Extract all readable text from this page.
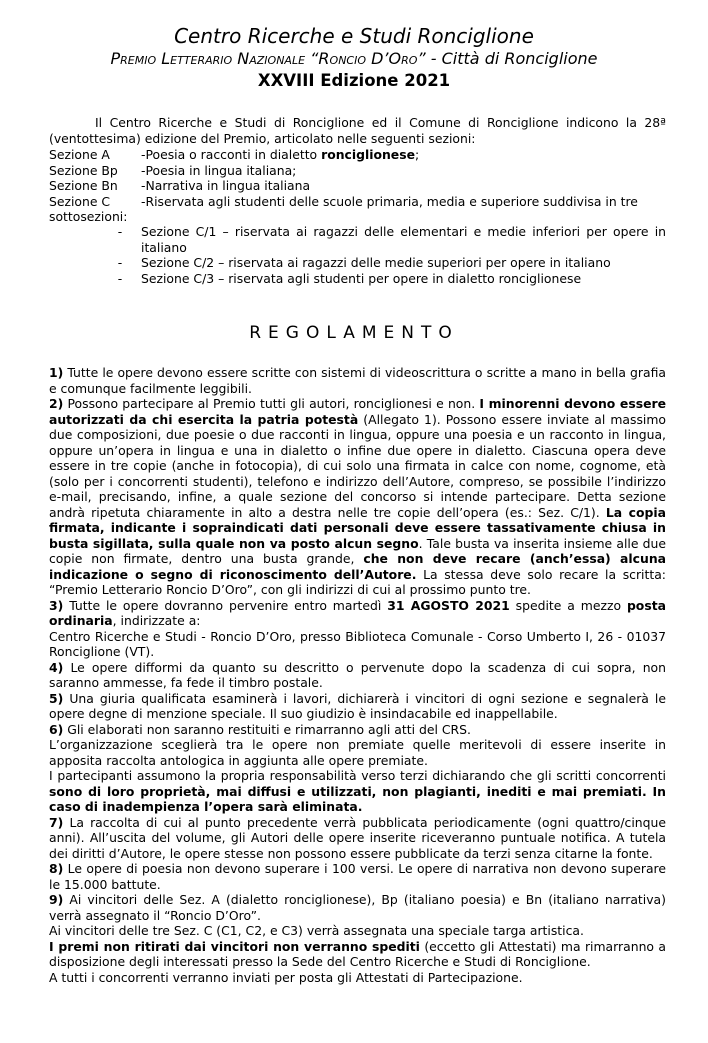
Centro Ricerche e Studi Ronciglione
Premio Letterario Nazionale “Roncio D’Oro” - Città di Ronciglione
XXVIII Edizione 2021
Il Centro Ricerche e Studi di Ronciglione ed il Comune di Ronciglione indicono la 28ª (ventottesima) edizione del Premio, articolato nelle seguenti sezioni:
Sezione A	-Poesia o racconti in dialetto ronciglionese;
Sezione Bp	-Poesia in lingua italiana;
Sezione Bn	-Narrativa in lingua italiana
Sezione C	-Riservata agli studenti delle scuole primaria, media e superiore suddivisa in tre
sottosezioni:
-	Sezione C/1 – riservata ai ragazzi delle elementari e medie inferiori per opere in italiano
-	Sezione C/2 – riservata ai ragazzi delle medie superiori per opere in italiano
-	Sezione C/3 – riservata agli studenti per opere in dialetto ronciglionese
REGOLAMENTO

1) Tutte le opere devono essere scritte con sistemi di videoscrittura o scritte a mano in bella grafia e comunque facilmente leggibili.

2) Possono partecipare al Premio tutti gli autori, ronciglionesi e non. I minorenni devono essere autorizzati da chi esercita la patria potestà (Allegato 1). Possono essere inviate al massimo due composizioni, due poesie o due racconti in lingua, oppure una poesia e un racconto in lingua, oppure un’opera in lingua e una in dialetto o infine due opere in dialetto. Ciascuna opera deve essere in tre copie (anche in fotocopia), di cui solo una firmata in calce con nome, cognome, età (solo per i concorrenti studenti), telefono e indirizzo dell’Autore, compreso, se possibile l’indirizzo e-mail, precisando, infine, a quale sezione del concorso si intende partecipare. Detta sezione andrà ripetuta chiaramente in alto a destra nelle tre copie dell’opera (es.: Sez. C/1). La copia firmata, indicante i sopraindicati dati personali deve essere tassativamente chiusa in busta sigillata, sulla quale non va posto alcun segno. Tale busta va inserita insieme alle due copie non firmate, dentro una busta grande, che non deve recare (anch’essa) alcuna indicazione o segno di riconoscimento dell’Autore. La stessa deve solo recare la scritta: “Premio Letterario Roncio D’Oro”, con gli indirizzi di cui al prossimo punto tre.

3) Tutte le opere dovranno pervenire entro martedì 31 AGOSTO 2021 spedite a mezzo posta ordinaria, indirizzate a:

Centro Ricerche e Studi - Roncio D’Oro, presso Biblioteca Comunale - Corso Umberto I, 26 - 01037 Ronciglione (VT).

4) Le opere difformi da quanto su descritto o pervenute dopo la scadenza di cui sopra, non saranno ammesse, fa fede il timbro postale.

5) Una giuria qualificata esaminerà i lavori, dichiarerà i vincitori di ogni sezione e segnalerà le opere degne di menzione speciale. Il suo giudizio è insindacabile ed inappellabile.

6) Gli elaborati non saranno restituiti e rimarranno agli atti del CRS.

L’organizzazione sceglierà tra le opere non premiate quelle meritevoli di essere inserite in apposita raccolta antologica in aggiunta alle opere premiate.

I partecipanti assumono la propria responsabilità verso terzi dichiarando che gli scritti concorrenti sono di loro proprietà, mai diffusi e utilizzati, non plagianti, inediti e mai premiati. In caso di inadempienza l’opera sarà eliminata.

7) La raccolta di cui al punto precedente verrà pubblicata periodicamente (ogni quattro/cinque anni). All’uscita del volume, gli Autori delle opere inserite riceveranno puntuale notifica. A tutela dei diritti d’Autore, le opere stesse non possono essere pubblicate da terzi senza citarne la fonte.

8) Le opere di poesia non devono superare i 100 versi. Le opere di narrativa non devono superare le 15.000 battute.

9) Ai vincitori delle Sez. A (dialetto ronciglionese), Bp (italiano poesia) e Bn (italiano narrativa) verrà assegnato il “Roncio D’Oro”.

Ai vincitori delle tre Sez. C (C1, C2, e C3) verrà assegnata una speciale targa artistica.

I premi non ritirati dai vincitori non verranno spediti (eccetto gli Attestati) ma rimarranno a disposizione degli interessati presso la Sede del Centro Ricerche e Studi di Ronciglione.

A tutti i concorrenti verranno inviati per posta gli Attestati di Partecipazione.
